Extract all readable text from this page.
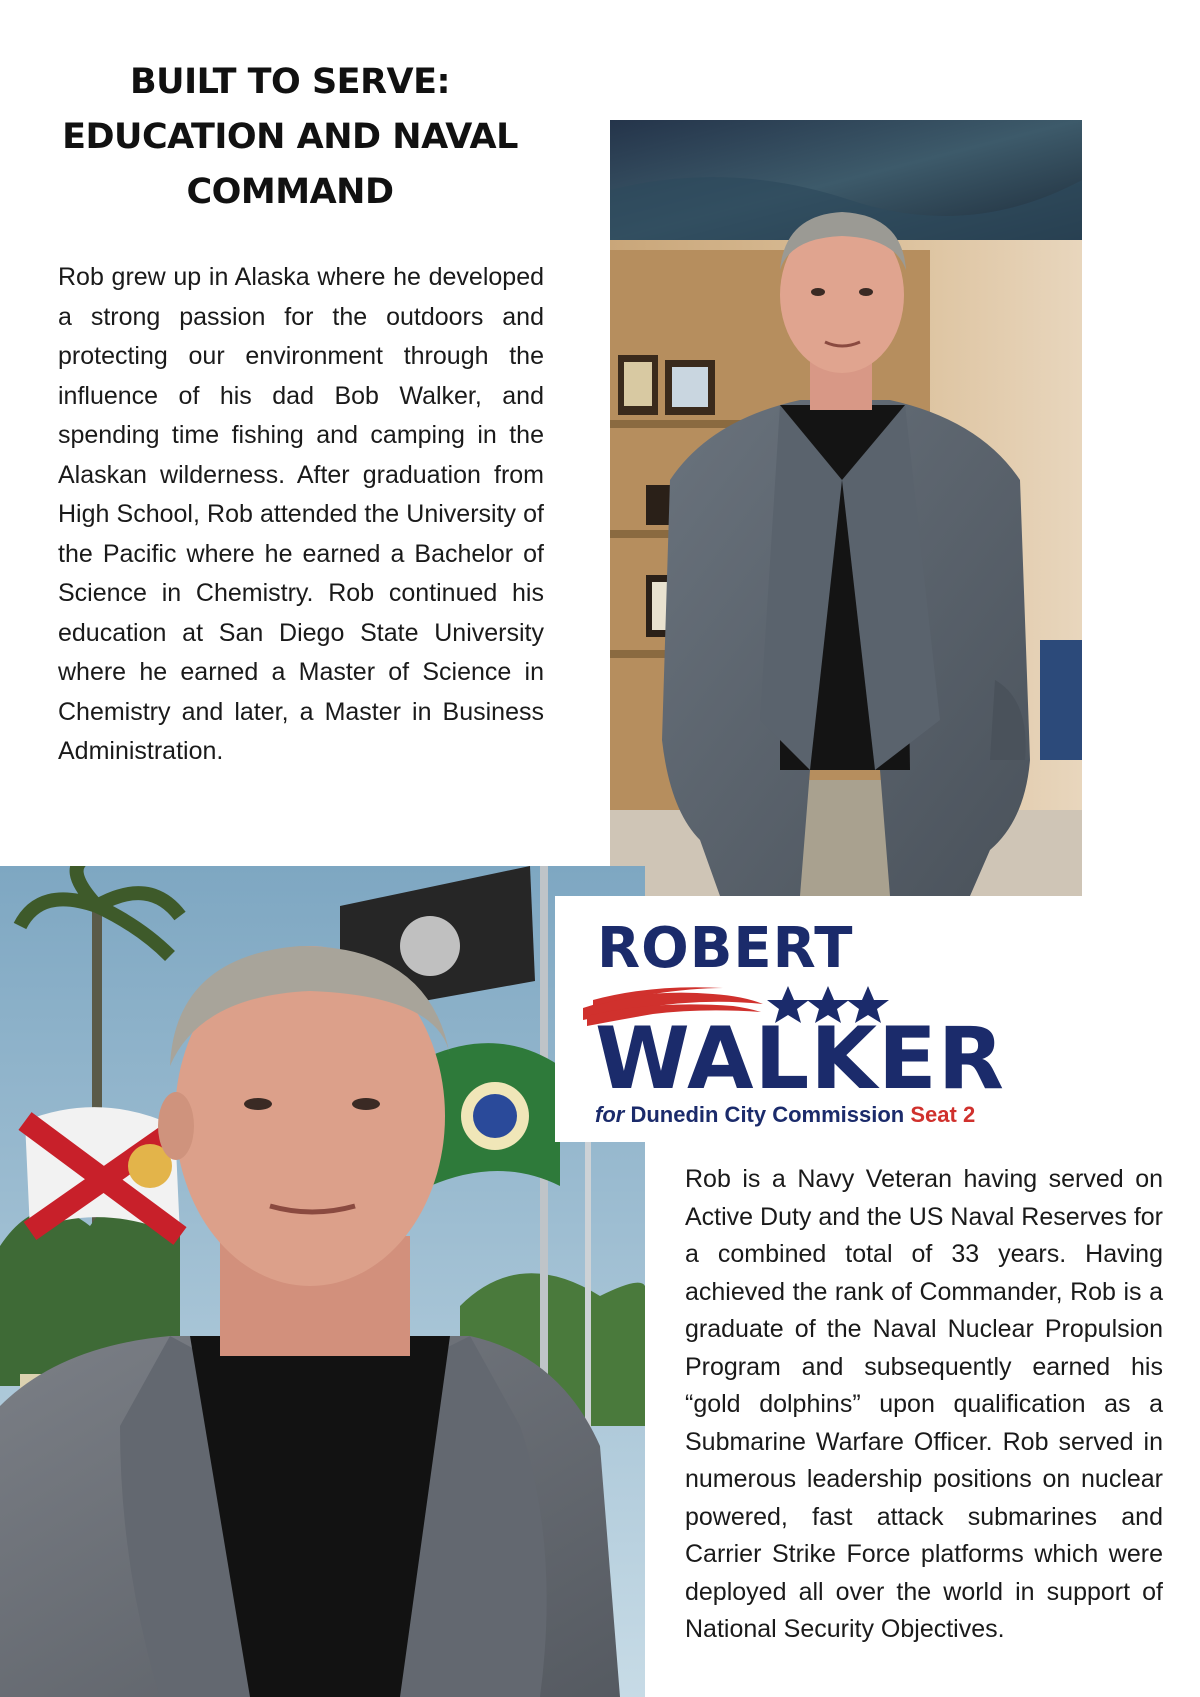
BUILT TO SERVE:
EDUCATION AND NAVAL
COMMAND

Rob grew up in Alaska where he developed a strong passion for the outdoors and protecting our environment through the influence of his dad Bob Walker, and spending time fishing and camping in the Alaskan wilderness. After graduation from High School, Rob attended the University of the Pacific where he earned a Bachelor of Science in Chemistry. Rob continued his education at San Diego State University where he earned a Master of Science in Chemistry and later, a Master in Business Administration.

ROBERT
WALKER
for Dunedin City Commission Seat 2

Rob is a Navy Veteran having served on Active Duty and the US Naval Reserves for a combined total of 33 years. Having achieved the rank of Commander, Rob is a graduate of the Naval Nuclear Propulsion Program and subsequently earned his “gold dolphins” upon qualification as a Submarine Warfare Officer. Rob served in numerous leadership positions on nuclear powered, fast attack submarines and Carrier Strike Force platforms which were deployed all over the world in support of National Security Objectives.
